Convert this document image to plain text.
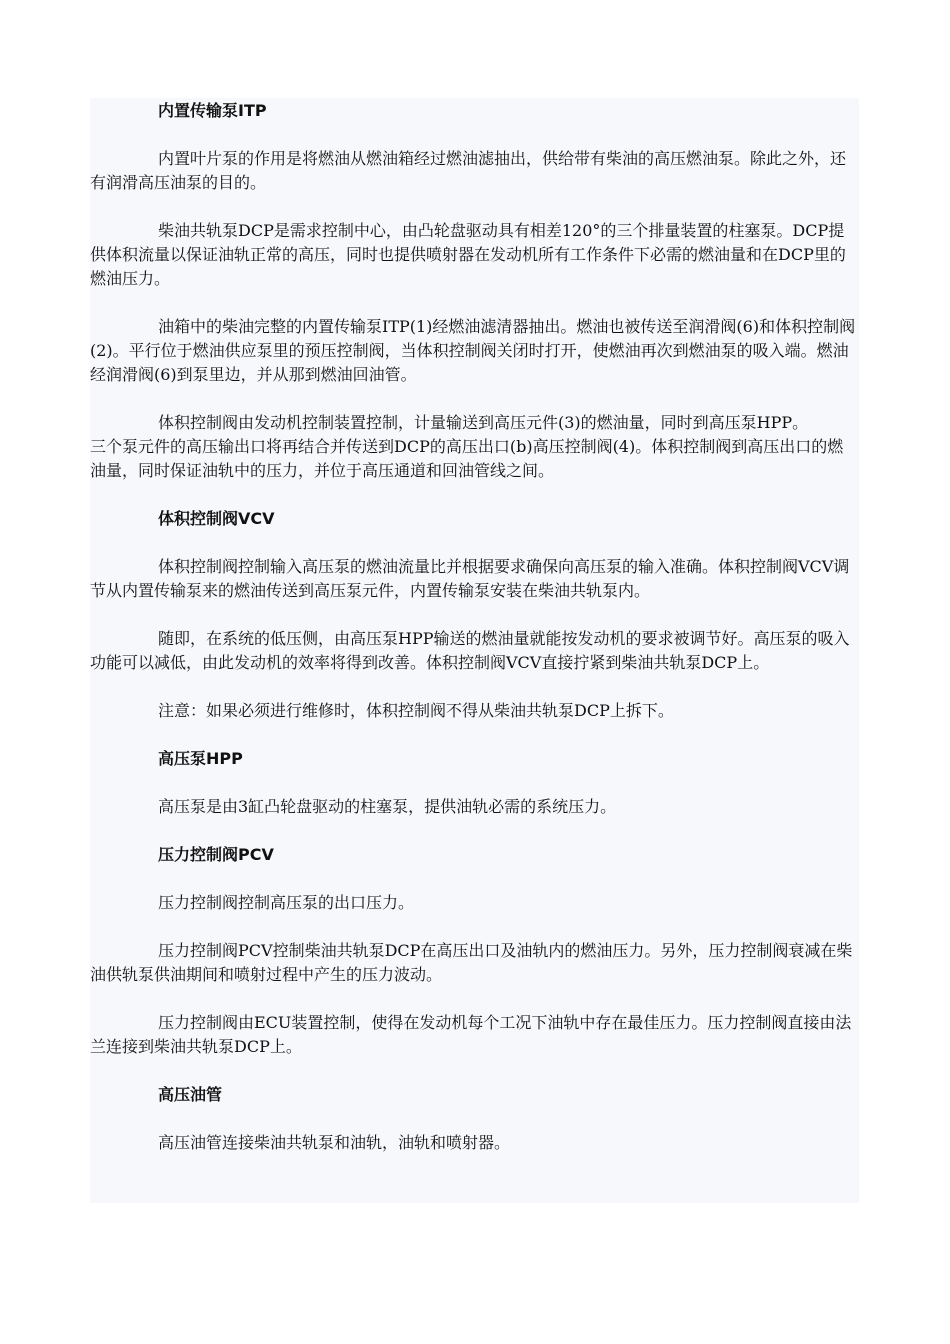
内置传输泵ITP

内置叶片泵的作用是将燃油从燃油箱经过燃油滤抽出，供给带有柴油的高压燃油泵。除此之外，还有润滑高压油泵的目的。

柴油共轨泵DCP是需求控制中心，由凸轮盘驱动具有相差120°的三个排量装置的柱塞泵。DCP提供体积流量以保证油轨正常的高压，同时也提供喷射器在发动机所有工作条件下必需的燃油量和在DCP里的燃油压力。

油箱中的柴油完整的内置传输泵ITP(1)经燃油滤清器抽出。燃油也被传送至润滑阀(6)和体积控制阀(2)。平行位于燃油供应泵里的预压控制阀，当体积控制阀关闭时打开，使燃油再次到燃油泵的吸入端。燃油经润滑阀(6)到泵里边，并从那到燃油回油管。

体积控制阀由发动机控制装置控制，计量输送到高压元件(3)的燃油量，同时到高压泵HPP。

三个泵元件的高压输出口将再结合并传送到DCP的高压出口(b)高压控制阀(4)。体积控制阀到高压出口的燃油量，同时保证油轨中的压力，并位于高压通道和回油管线之间。

体积控制阀VCV

体积控制阀控制输入高压泵的燃油流量比并根据要求确保向高压泵的输入准确。体积控制阀VCV调节从内置传输泵来的燃油传送到高压泵元件，内置传输泵安装在柴油共轨泵内。

随即，在系统的低压侧，由高压泵HPP输送的燃油量就能按发动机的要求被调节好。高压泵的吸入功能可以减低，由此发动机的效率将得到改善。体积控制阀VCV直接拧紧到柴油共轨泵DCP上。

注意：如果必须进行维修时，体积控制阀不得从柴油共轨泵DCP上拆下。

高压泵HPP

高压泵是由3缸凸轮盘驱动的柱塞泵，提供油轨必需的系统压力。

压力控制阀PCV

压力控制阀控制高压泵的出口压力。

压力控制阀PCV控制柴油共轨泵DCP在高压出口及油轨内的燃油压力。另外，压力控制阀衰减在柴油供轨泵供油期间和喷射过程中产生的压力波动。

压力控制阀由ECU装置控制，使得在发动机每个工况下油轨中存在最佳压力。压力控制阀直接由法兰连接到柴油共轨泵DCP上。

高压油管

高压油管连接柴油共轨泵和油轨，油轨和喷射器。
